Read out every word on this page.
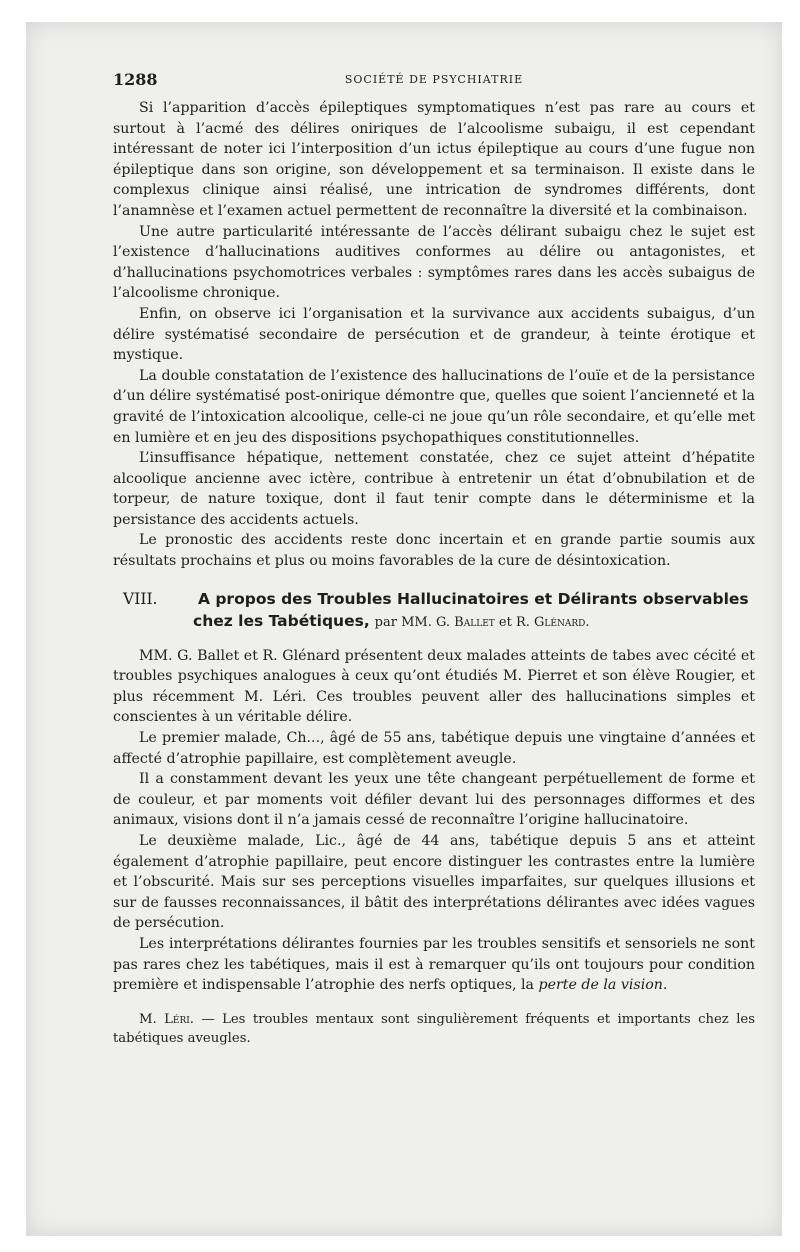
1288	SOCIÉTÉ DE PSYCHIATRIE

Si l’apparition d’accès épileptiques symptomatiques n’est pas rare au cours et surtout à l’acmé des délires oniriques de l’alcoolisme subaigu, il est cependant intéressant de noter ici l’interposition d’un ictus épileptique au cours d’une fugue non épileptique dans son origine, son développement et sa terminaison. Il existe dans le complexus clinique ainsi réalisé, une intrication de syndromes différents, dont l’anamnèse et l’examen actuel permettent de reconnaître la diversité et la combinaison.

Une autre particularité intéressante de l’accès délirant subaigu chez le sujet est l’existence d’hallucinations auditives conformes au délire ou antagonistes, et d’hallucinations psychomotrices verbales : symptômes rares dans les accès subaigus de l’alcoolisme chronique.

Enfin, on observe ici l’organisation et la survivance aux accidents subaigus, d’un délire systématisé secondaire de persécution et de grandeur, à teinte érotique et mystique.

La double constatation de l’existence des hallucinations de l’ouïe et de la persistance d’un délire systématisé post-onirique démontre que, quelles que soient l’ancienneté et la gravité de l’intoxication alcoolique, celle-ci ne joue qu’un rôle secondaire, et qu’elle met en lumière et en jeu des dispositions psychopathiques constitutionnelles.

L’insuffisance hépatique, nettement constatée, chez ce sujet atteint d’hépatite alcoolique ancienne avec ictère, contribue à entretenir un état d’obnubilation et de torpeur, de nature toxique, dont il faut tenir compte dans le déterminisme et la persistance des accidents actuels.

Le pronostic des accidents reste donc incertain et en grande partie soumis aux résultats prochains et plus ou moins favorables de la cure de désintoxication.

VIII.	A propos des Troubles Hallucinatoires et Délirants observables
chez les Tabétiques, par MM. G. Ballet et R. Glénard.

MM. G. Ballet et R. Glénard présentent deux malades atteints de tabes avec cécité et troubles psychiques analogues à ceux qu’ont étudiés M. Pierret et son élève Rougier, et plus récemment M. Léri. Ces troubles peuvent aller des hallucinations simples et conscientes à un véritable délire.

Le premier malade, Ch..., âgé de 55 ans, tabétique depuis une vingtaine d’années et affecté d’atrophie papillaire, est complètement aveugle.

Il a constamment devant les yeux une tête changeant perpétuellement de forme et de couleur, et par moments voit défiler devant lui des personnages difformes et des animaux, visions dont il n’a jamais cessé de reconnaître l’origine hallucinatoire.

Le deuxième malade, Lic., âgé de 44 ans, tabétique depuis 5 ans et atteint également d’atrophie papillaire, peut encore distinguer les contrastes entre la lumière et l’obscurité. Mais sur ses perceptions visuelles imparfaites, sur quelques illusions et sur de fausses reconnaissances, il bâtit des interprétations délirantes avec idées vagues de persécution.

Les interprétations délirantes fournies par les troubles sensitifs et sensoriels ne sont pas rares chez les tabétiques, mais il est à remarquer qu’ils ont toujours pour condition première et indispensable l’atrophie des nerfs optiques, la perte de la vision.

M. Léri. — Les troubles mentaux sont singulièrement fréquents et importants chez les tabétiques aveugles.
